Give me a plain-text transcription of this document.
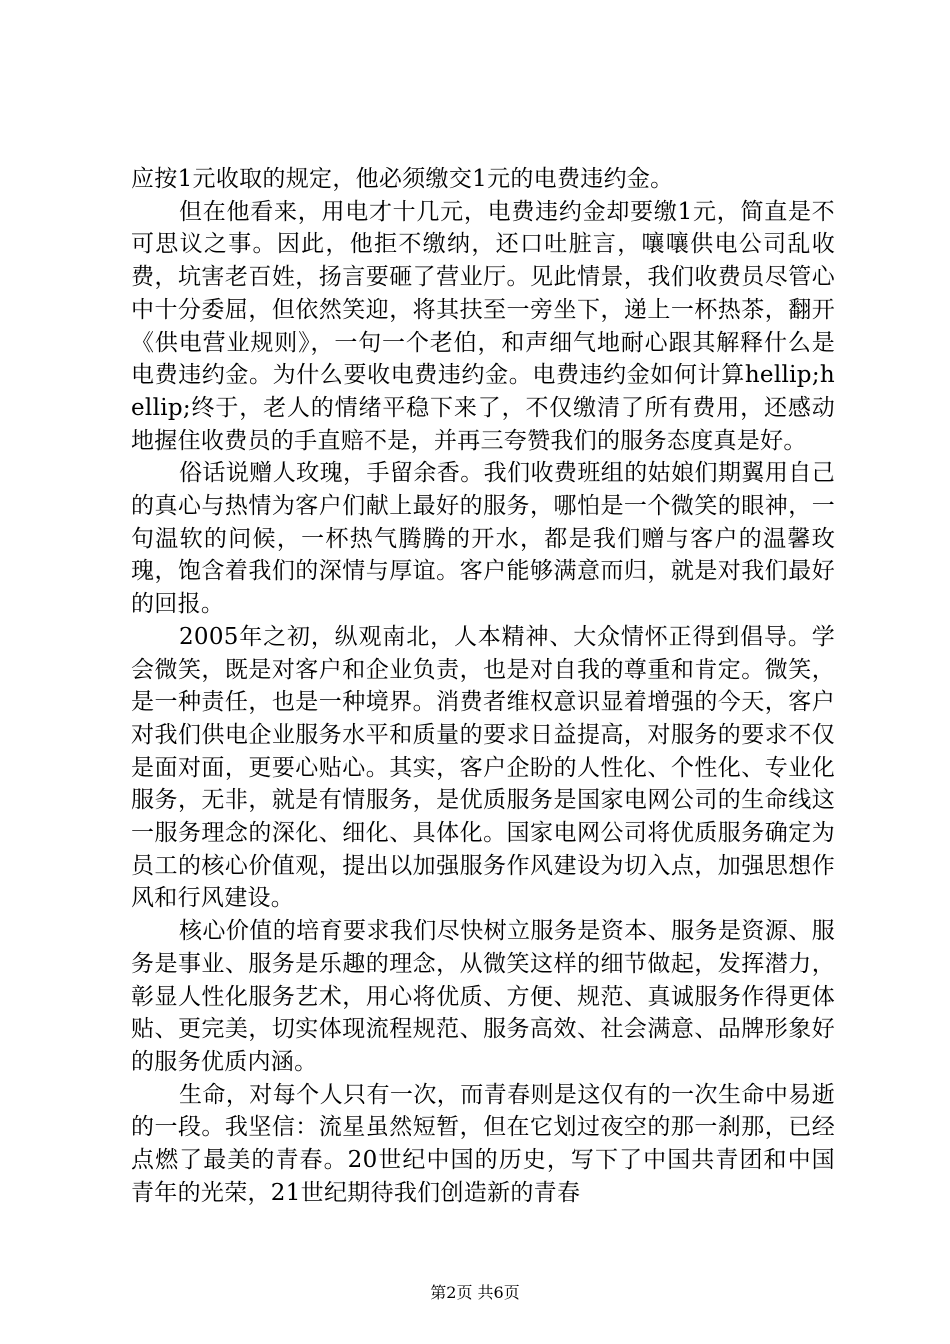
应按1元收取的规定，他必须缴交1元的电费违约金。

但在他看来，用电才十几元，电费违约金却要缴1元，简直是不可思议之事。因此，他拒不缴纳，还口吐脏言，嚷嚷供电公司乱收费，坑害老百姓，扬言要砸了营业厅。见此情景，我们收费员尽管心中十分委屈，但依然笑迎，将其扶至一旁坐下，递上一杯热茶，翻开《供电营业规则》，一句一个老伯，和声细气地耐心跟其解释什么是电费违约金。为什么要收电费违约金。电费违约金如何计算hellip;hellip;终于，老人的情绪平稳下来了，不仅缴清了所有费用，还感动地握住收费员的手直赔不是，并再三夸赞我们的服务态度真是好。

俗话说赠人玫瑰，手留余香。我们收费班组的姑娘们期翼用自己的真心与热情为客户们献上最好的服务，哪怕是一个微笑的眼神，一句温软的问候，一杯热气腾腾的开水，都是我们赠与客户的温馨玫瑰，饱含着我们的深情与厚谊。客户能够满意而归，就是对我们最好的回报。

2005年之初，纵观南北，人本精神、大众情怀正得到倡导。学会微笑，既是对客户和企业负责，也是对自我的尊重和肯定。微笑，是一种责任，也是一种境界。消费者维权意识显着增强的今天，客户对我们供电企业服务水平和质量的要求日益提高，对服务的要求不仅是面对面，更要心贴心。其实，客户企盼的人性化、个性化、专业化服务，无非，就是有情服务，是优质服务是国家电网公司的生命线这一服务理念的深化、细化、具体化。国家电网公司将优质服务确定为员工的核心价值观，提出以加强服务作风建设为切入点，加强思想作风和行风建设。

核心价值的培育要求我们尽快树立服务是资本、服务是资源、服务是事业、服务是乐趣的理念，从微笑这样的细节做起，发挥潜力，彰显人性化服务艺术，用心将优质、方便、规范、真诚服务作得更体贴、更完美，切实体现流程规范、服务高效、社会满意、品牌形象好的服务优质内涵。

生命，对每个人只有一次，而青春则是这仅有的一次生命中易逝的一段。我坚信：流星虽然短暂，但在它划过夜空的那一刹那，已经点燃了最美的青春。20世纪中国的历史，写下了中国共青团和中国青年的光荣，21世纪期待我们创造新的青春

第2页 共6页
